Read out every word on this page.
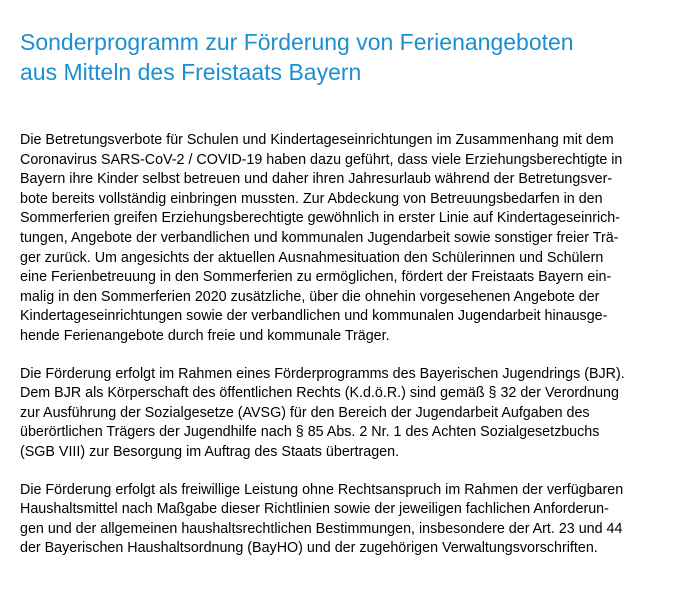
Sonderprogramm zur Förderung von Ferienangeboten
aus Mitteln des Freistaats Bayern

Die Betretungsverbote für Schulen und Kindertageseinrichtungen im Zusammenhang mit dem
Coronavirus SARS-CoV-2 / COVID-19 haben dazu geführt, dass viele Erziehungsberechtigte in
Bayern ihre Kinder selbst betreuen und daher ihren Jahresurlaub während der Betretungsver-
bote bereits vollständig einbringen mussten. Zur Abdeckung von Betreuungsbedarfen in den
Sommerferien greifen Erziehungsberechtigte gewöhnlich in erster Linie auf Kindertageseinrich-
tungen, Angebote der verbandlichen und kommunalen Jugendarbeit sowie sonstiger freier Trä-
ger zurück. Um angesichts der aktuellen Ausnahmesituation den Schülerinnen und Schülern
eine Ferienbetreuung in den Sommerferien zu ermöglichen, fördert der Freistaats Bayern ein-
malig in den Sommerferien 2020 zusätzliche, über die ohnehin vorgesehenen Angebote der
Kindertageseinrichtungen sowie der verbandlichen und kommunalen Jugendarbeit hinausge-
hende Ferienangebote durch freie und kommunale Träger.

Die Förderung erfolgt im Rahmen eines Förderprogramms des Bayerischen Jugendrings (BJR).
Dem BJR als Körperschaft des öffentlichen Rechts (K.d.ö.R.) sind gemäß § 32 der Verordnung
zur Ausführung der Sozialgesetze (AVSG) für den Bereich der Jugendarbeit Aufgaben des
überörtlichen Trägers der Jugendhilfe nach § 85 Abs. 2 Nr. 1 des Achten Sozialgesetzbuchs
(SGB VIII) zur Besorgung im Auftrag des Staats übertragen.

Die Förderung erfolgt als freiwillige Leistung ohne Rechtsanspruch im Rahmen der verfügbaren
Haushaltsmittel nach Maßgabe dieser Richtlinien sowie der jeweiligen fachlichen Anforderun-
gen und der allgemeinen haushaltsrechtlichen Bestimmungen, insbesondere der Art. 23 und 44
der Bayerischen Haushaltsordnung (BayHO) und der zugehörigen Verwaltungsvorschriften.
